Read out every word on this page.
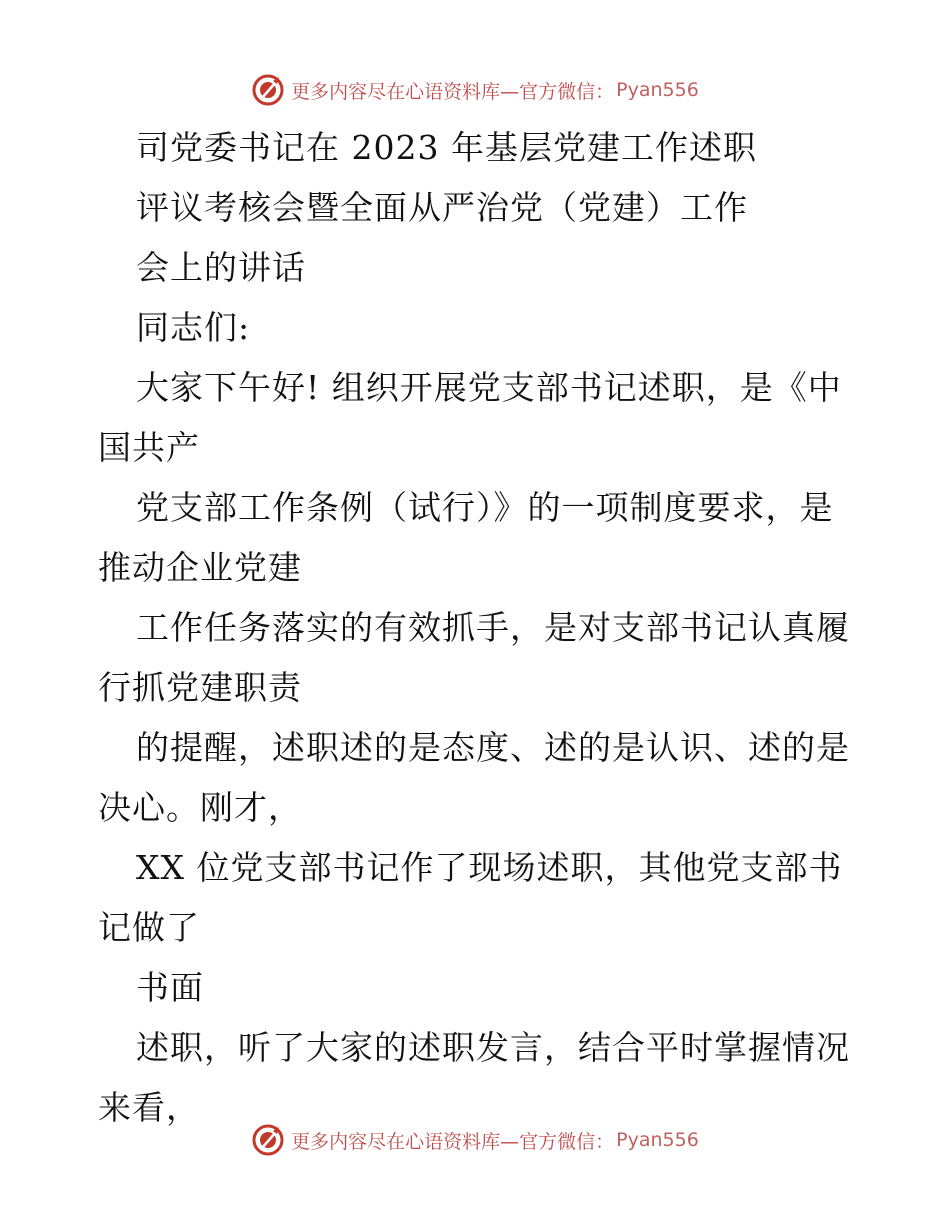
更多内容尽在心语资料库—官方微信： Pyan556
司党委书记在 2023 年基层党建工作述职
评议考核会暨全面从严治党（党建）工作
会上的讲话
同志们:
大家下午好! 组织开展党支部书记述职，是《中
国共产
党支部工作条例（试行）》的一项制度要求，是
推动企业党建
工作任务落实的有效抓手，是对支部书记认真履
行抓党建职责
的提醒，述职述的是态度、述的是认识、述的是
决心。刚才，
XX 位党支部书记作了现场述职，其他党支部书
记做了
书面
述职，听了大家的述职发言，结合平时掌握情况
来看，
更多内容尽在心语资料库—官方微信： Pyan556
